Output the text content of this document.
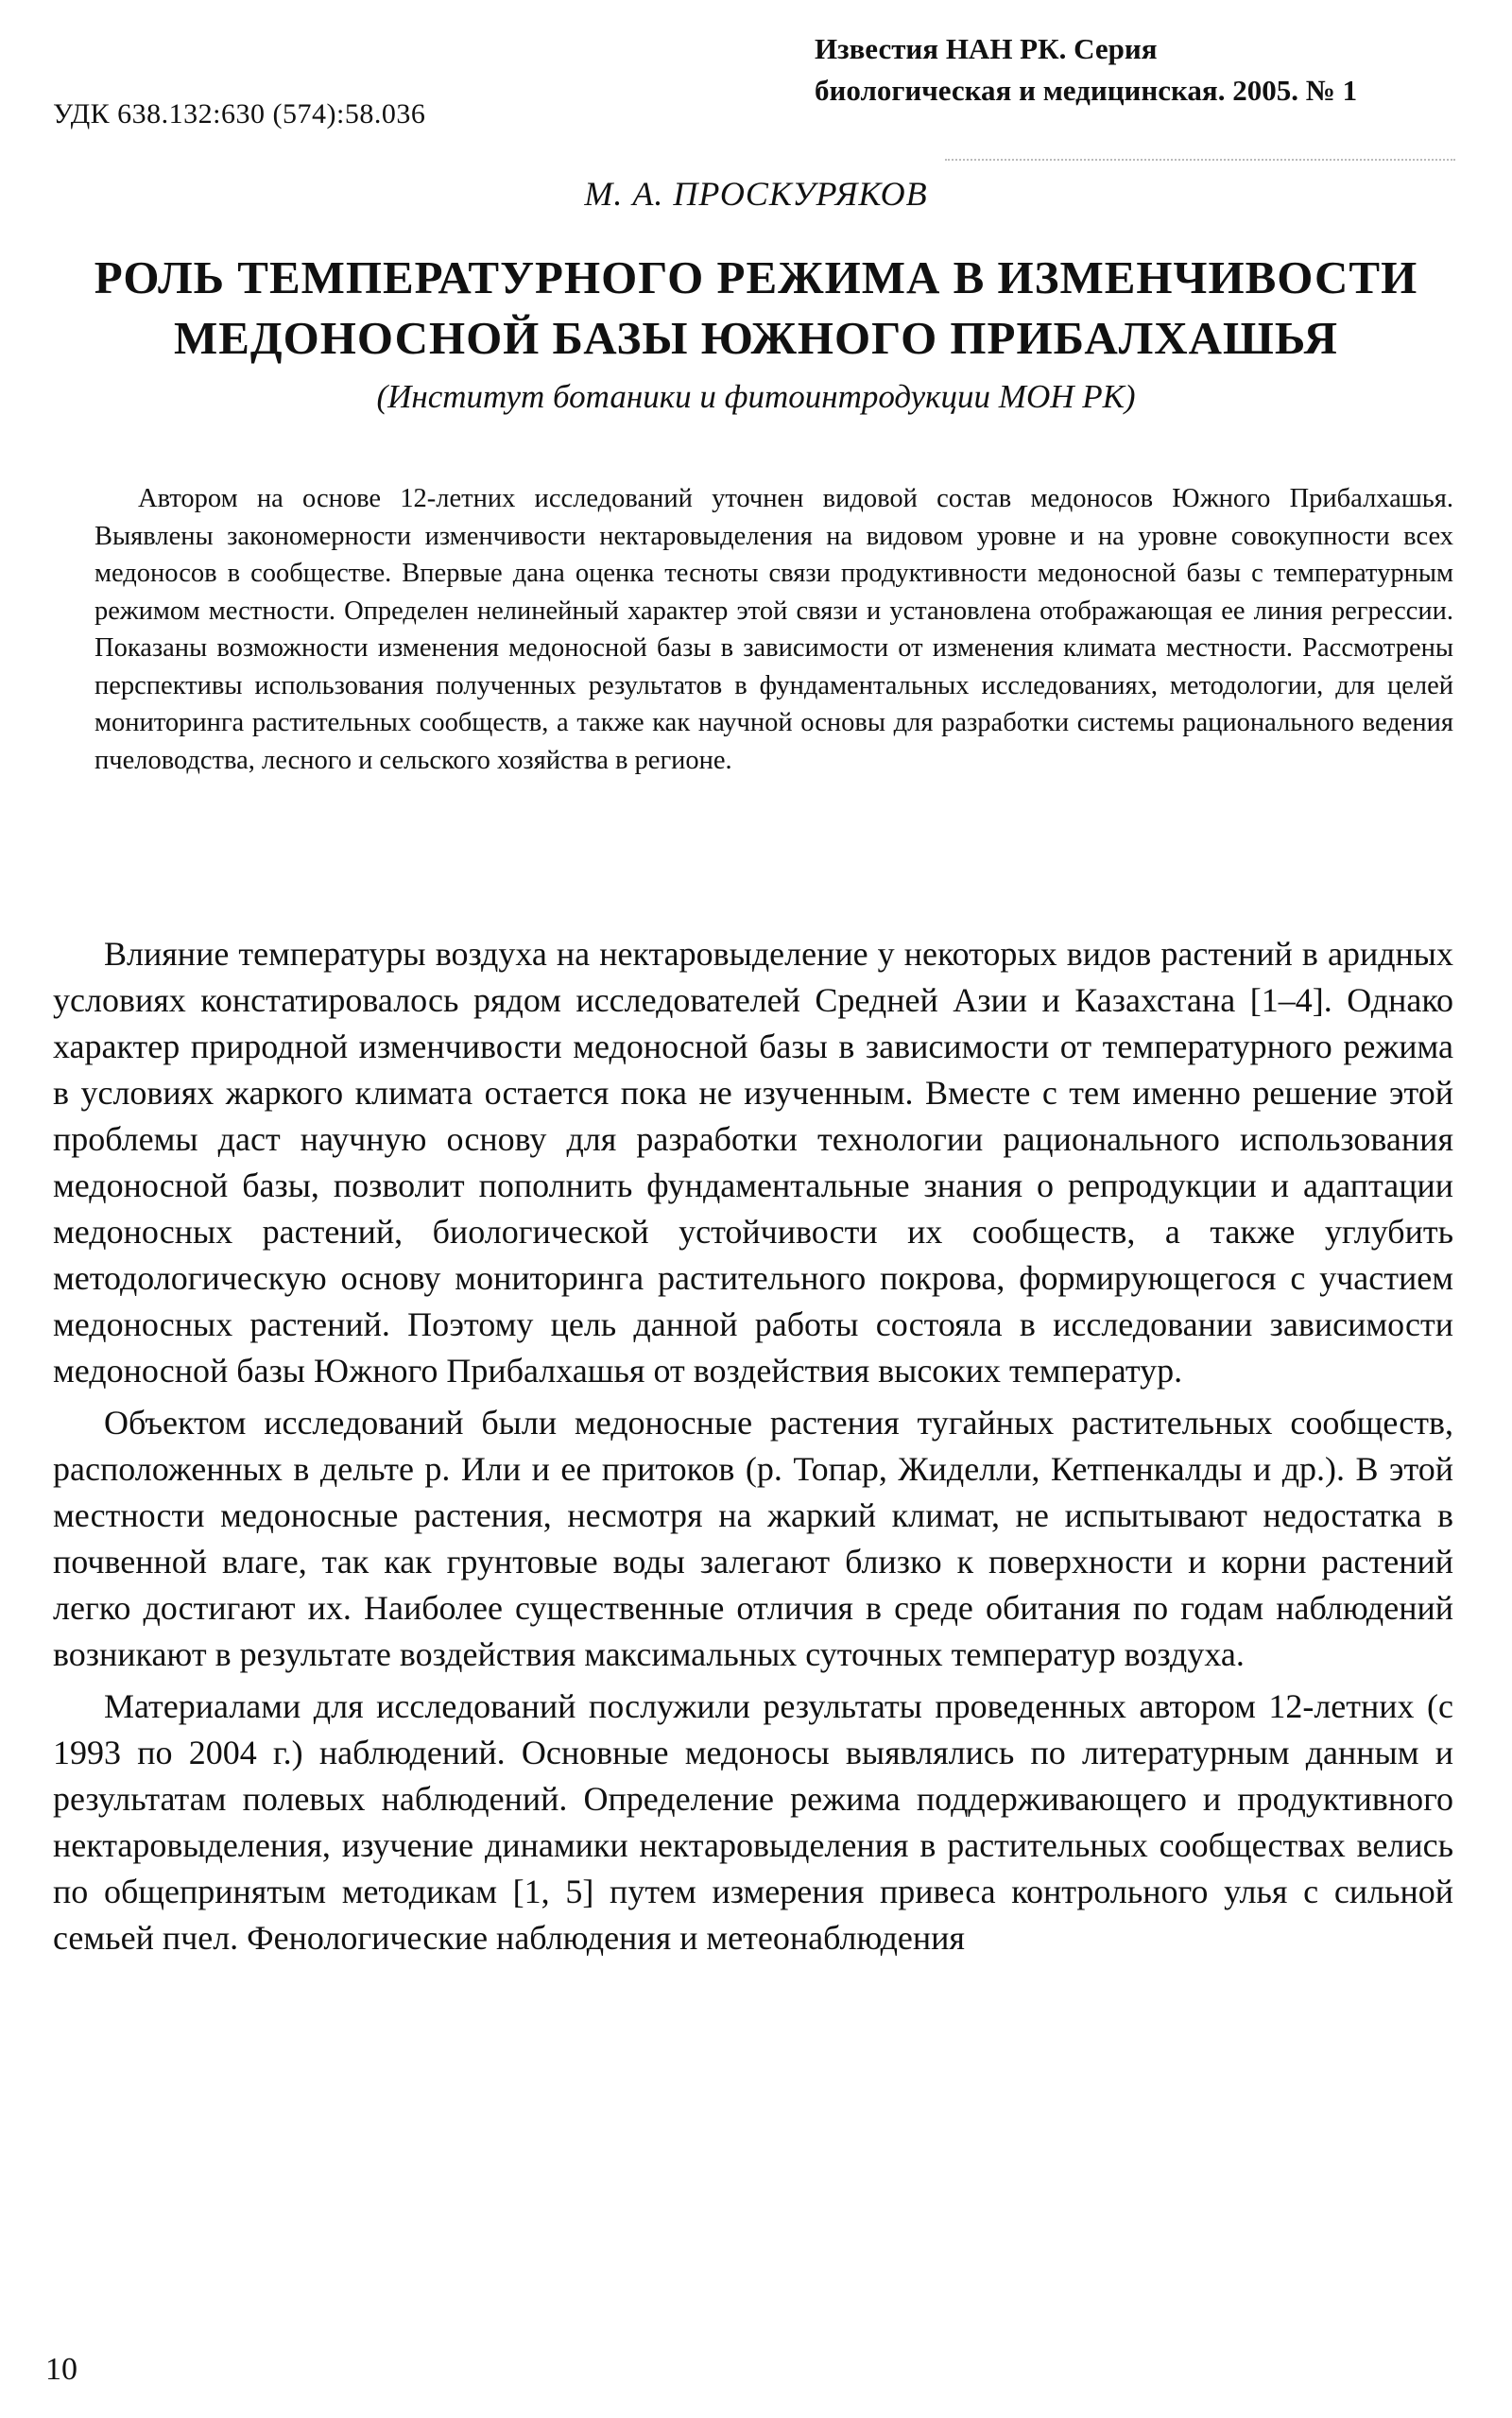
Известия НАН РК. Серия
биологическая и медицинская. 2005. № 1
УДК 638.132:630 (574):58.036
М. А. ПРОСКУРЯКОВ
РОЛЬ ТЕМПЕРАТУРНОГО РЕЖИМА В ИЗМЕНЧИВОСТИ
МЕДОНОСНОЙ БАЗЫ ЮЖНОГО ПРИБАЛХАШЬЯ
(Институт ботаники и фитоинтродукции МОН РК)

Автором на основе 12-летних исследований уточнен видовой состав медоносов Южного Прибалхашья. Выявлены закономерности изменчивости нектаровыделения на видовом уровне и на уровне совокупности всех медоносов в сообществе. Впервые дана оценка тесноты связи продуктивности медоносной базы с температурным режимом местности. Определен нелинейный характер этой связи и установлена отображающая ее линия регрессии. Показаны возможности изменения медоносной базы в зависимости от изменения климата местности. Рассмотрены перспективы использования полученных результатов в фундаментальных исследованиях, методологии, для целей мониторинга растительных сообществ, а также как научной основы для разработки системы рационального ведения пчеловодства, лесного и сельского хозяйства в регионе.

Влияние температуры воздуха на нектаровыделение у некоторых видов растений в аридных условиях констатировалось рядом исследователей Средней Азии и Казахстана [1–4]. Однако характер природной изменчивости медоносной базы в зависимости от температурного режима в условиях жаркого климата остается пока не изученным. Вместе с тем именно решение этой проблемы даст научную основу для разработки технологии рационального использования медоносной базы, позволит пополнить фундаментальные знания о репродукции и адаптации медоносных растений, биологической устойчивости их сообществ, а также углубить методологическую основу мониторинга растительного покрова, формирующегося с участием медоносных растений. Поэтому цель данной работы состояла в исследовании зависимости медоносной базы Южного Прибалхашья от воздействия высоких температур.

Объектом исследований были медоносные растения тугайных растительных сообществ, расположенных в дельте р. Или и ее притоков (р. Топар, Жиделли, Кетпенкалды и др.). В этой местности медоносные растения, несмотря на жаркий климат, не испытывают недостатка в почвенной влаге, так как грунтовые воды залегают близко к поверхности и корни растений легко достигают их. Наиболее существенные отличия в среде обитания по годам наблюдений возникают в результате воздействия максимальных суточных температур воздуха.

Материалами для исследований послужили результаты проведенных автором 12-летних (с 1993 по 2004 г.) наблюдений. Основные медоносы выявлялись по литературным данным и результатам полевых наблюдений. Определение режима поддерживающего и продуктивного нектаровыделения, изучение динамики нектаровыделения в растительных сообществах велись по общепринятым методикам [1, 5] путем измерения привеса контрольного улья с сильной семьей пчел. Фенологические наблюдения и метеонаблюдения

10
